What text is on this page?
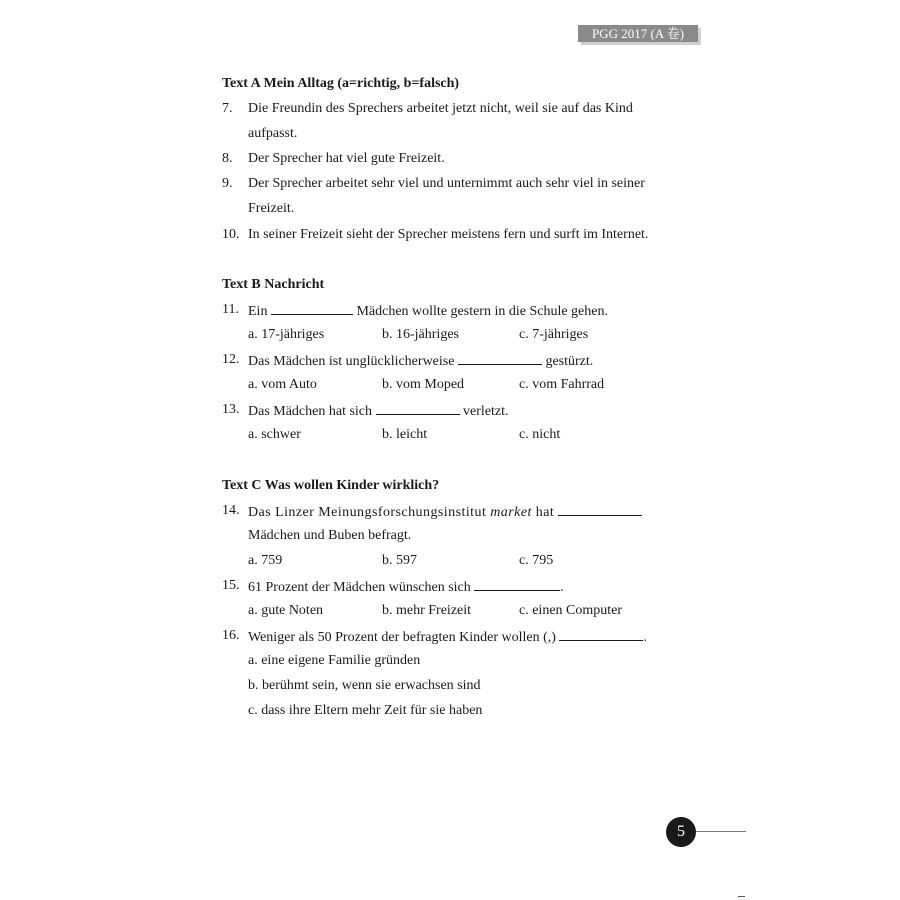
PGG 2017 (A 卷)
Text A Mein Alltag (a=richtig, b=falsch)
7. Die Freundin des Sprechers arbeitet jetzt nicht, weil sie auf das Kind
aufpasst.
8. Der Sprecher hat viel gute Freizeit.
9. Der Sprecher arbeitet sehr viel und unternimmt auch sehr viel in seiner
Freizeit.
10. In seiner Freizeit sieht der Sprecher meistens fern und surft im Internet.
Text B Nachricht
11. Ein	Mädchen wollte gestern in die Schule gehen.
a. 17-jähriges	b. 16-jähriges	c. 7-jähriges
12. Das Mädchen ist unglücklicherweise	gestürzt.
a. vom Auto	b. vom Moped	c. vom Fahrrad
13. Das Mädchen hat sich	verletzt.
a. schwer	b. leicht	c. nicht
Text C Was wollen Kinder wirklich?
14. Das Linzer Meinungsforschungsinstitut market hat
Mädchen und Buben befragt.
a. 759	b. 597	c. 795
15. 61 Prozent der Mädchen wünschen sich	.
a. gute Noten	b. mehr Freizeit	c. einen Computer
16. Weniger als 50 Prozent der befragten Kinder wollen (,)	.
a. eine eigene Familie gründen
b. berühmt sein, wenn sie erwachsen sind
c. dass ihre Eltern mehr Zeit für sie haben
5
